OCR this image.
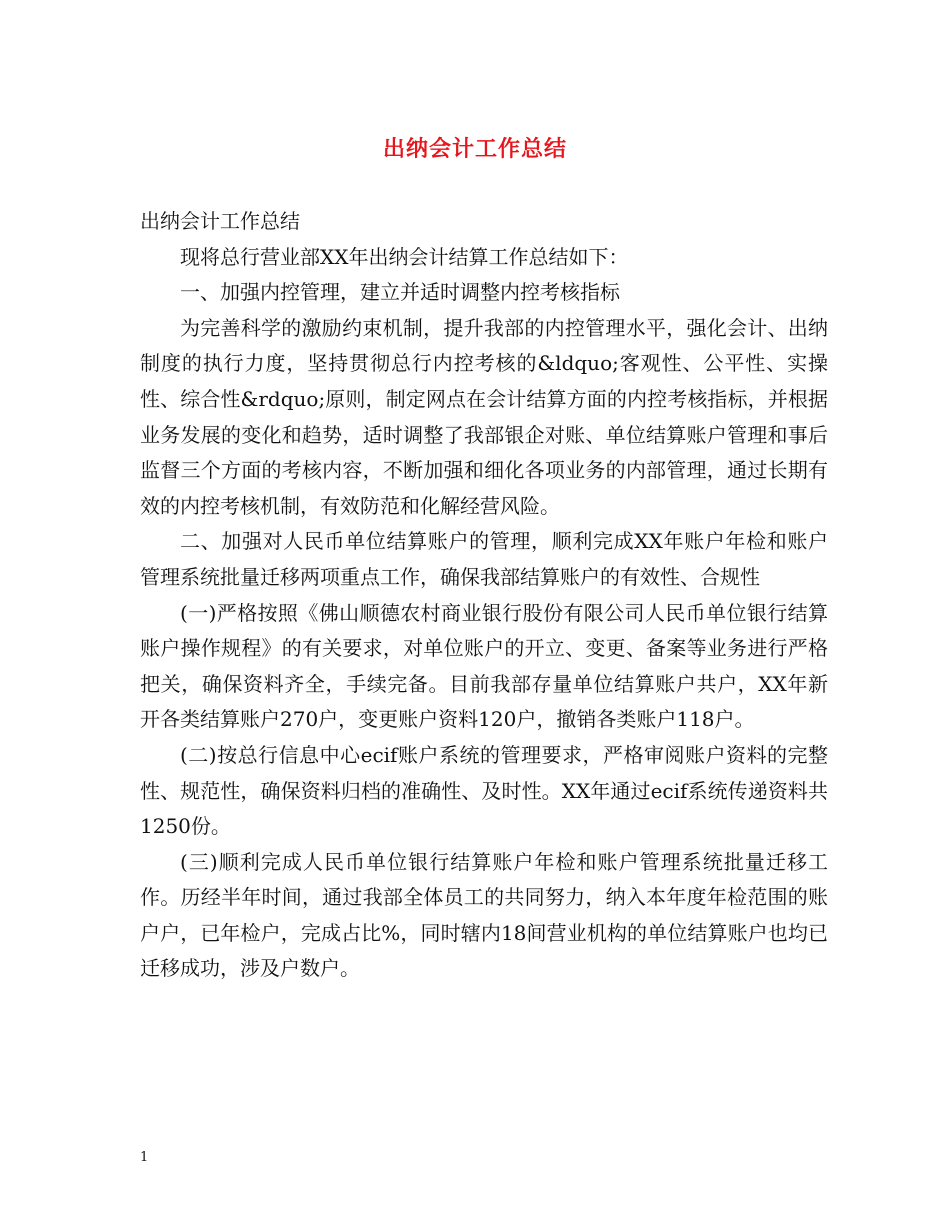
出纳会计工作总结

出纳会计工作总结

现将总行营业部XX年出纳会计结算工作总结如下：

一、加强内控管理，建立并适时调整内控考核指标

为完善科学的激励约束机制，提升我部的内控管理水平，强化会计、出纳制度的执行力度，坚持贯彻总行内控考核的&ldquo;客观性、公平性、实操性、综合性&rdquo;原则，制定网点在会计结算方面的内控考核指标，并根据业务发展的变化和趋势，适时调整了我部银企对账、单位结算账户管理和事后监督三个方面的考核内容，不断加强和细化各项业务的内部管理，通过长期有效的内控考核机制，有效防范和化解经营风险。

二、加强对人民币单位结算账户的管理，顺利完成XX年账户年检和账户管理系统批量迁移两项重点工作，确保我部结算账户的有效性、合规性

(一)严格按照《佛山顺德农村商业银行股份有限公司人民币单位银行结算账户操作规程》的有关要求，对单位账户的开立、变更、备案等业务进行严格把关，确保资料齐全，手续完备。目前我部存量单位结算账户共户，XX年新开各类结算账户270户，变更账户资料120户，撤销各类账户118户。

(二)按总行信息中心ecif账户系统的管理要求，严格审阅账户资料的完整性、规范性，确保资料归档的准确性、及时性。XX年通过ecif系统传递资料共1250份。

(三)顺利完成人民币单位银行结算账户年检和账户管理系统批量迁移工作。历经半年时间，通过我部全体员工的共同努力，纳入本年度年检范围的账户户，已年检户，完成占比%，同时辖内18间营业机构的单位结算账户也均已迁移成功，涉及户数户。

1
